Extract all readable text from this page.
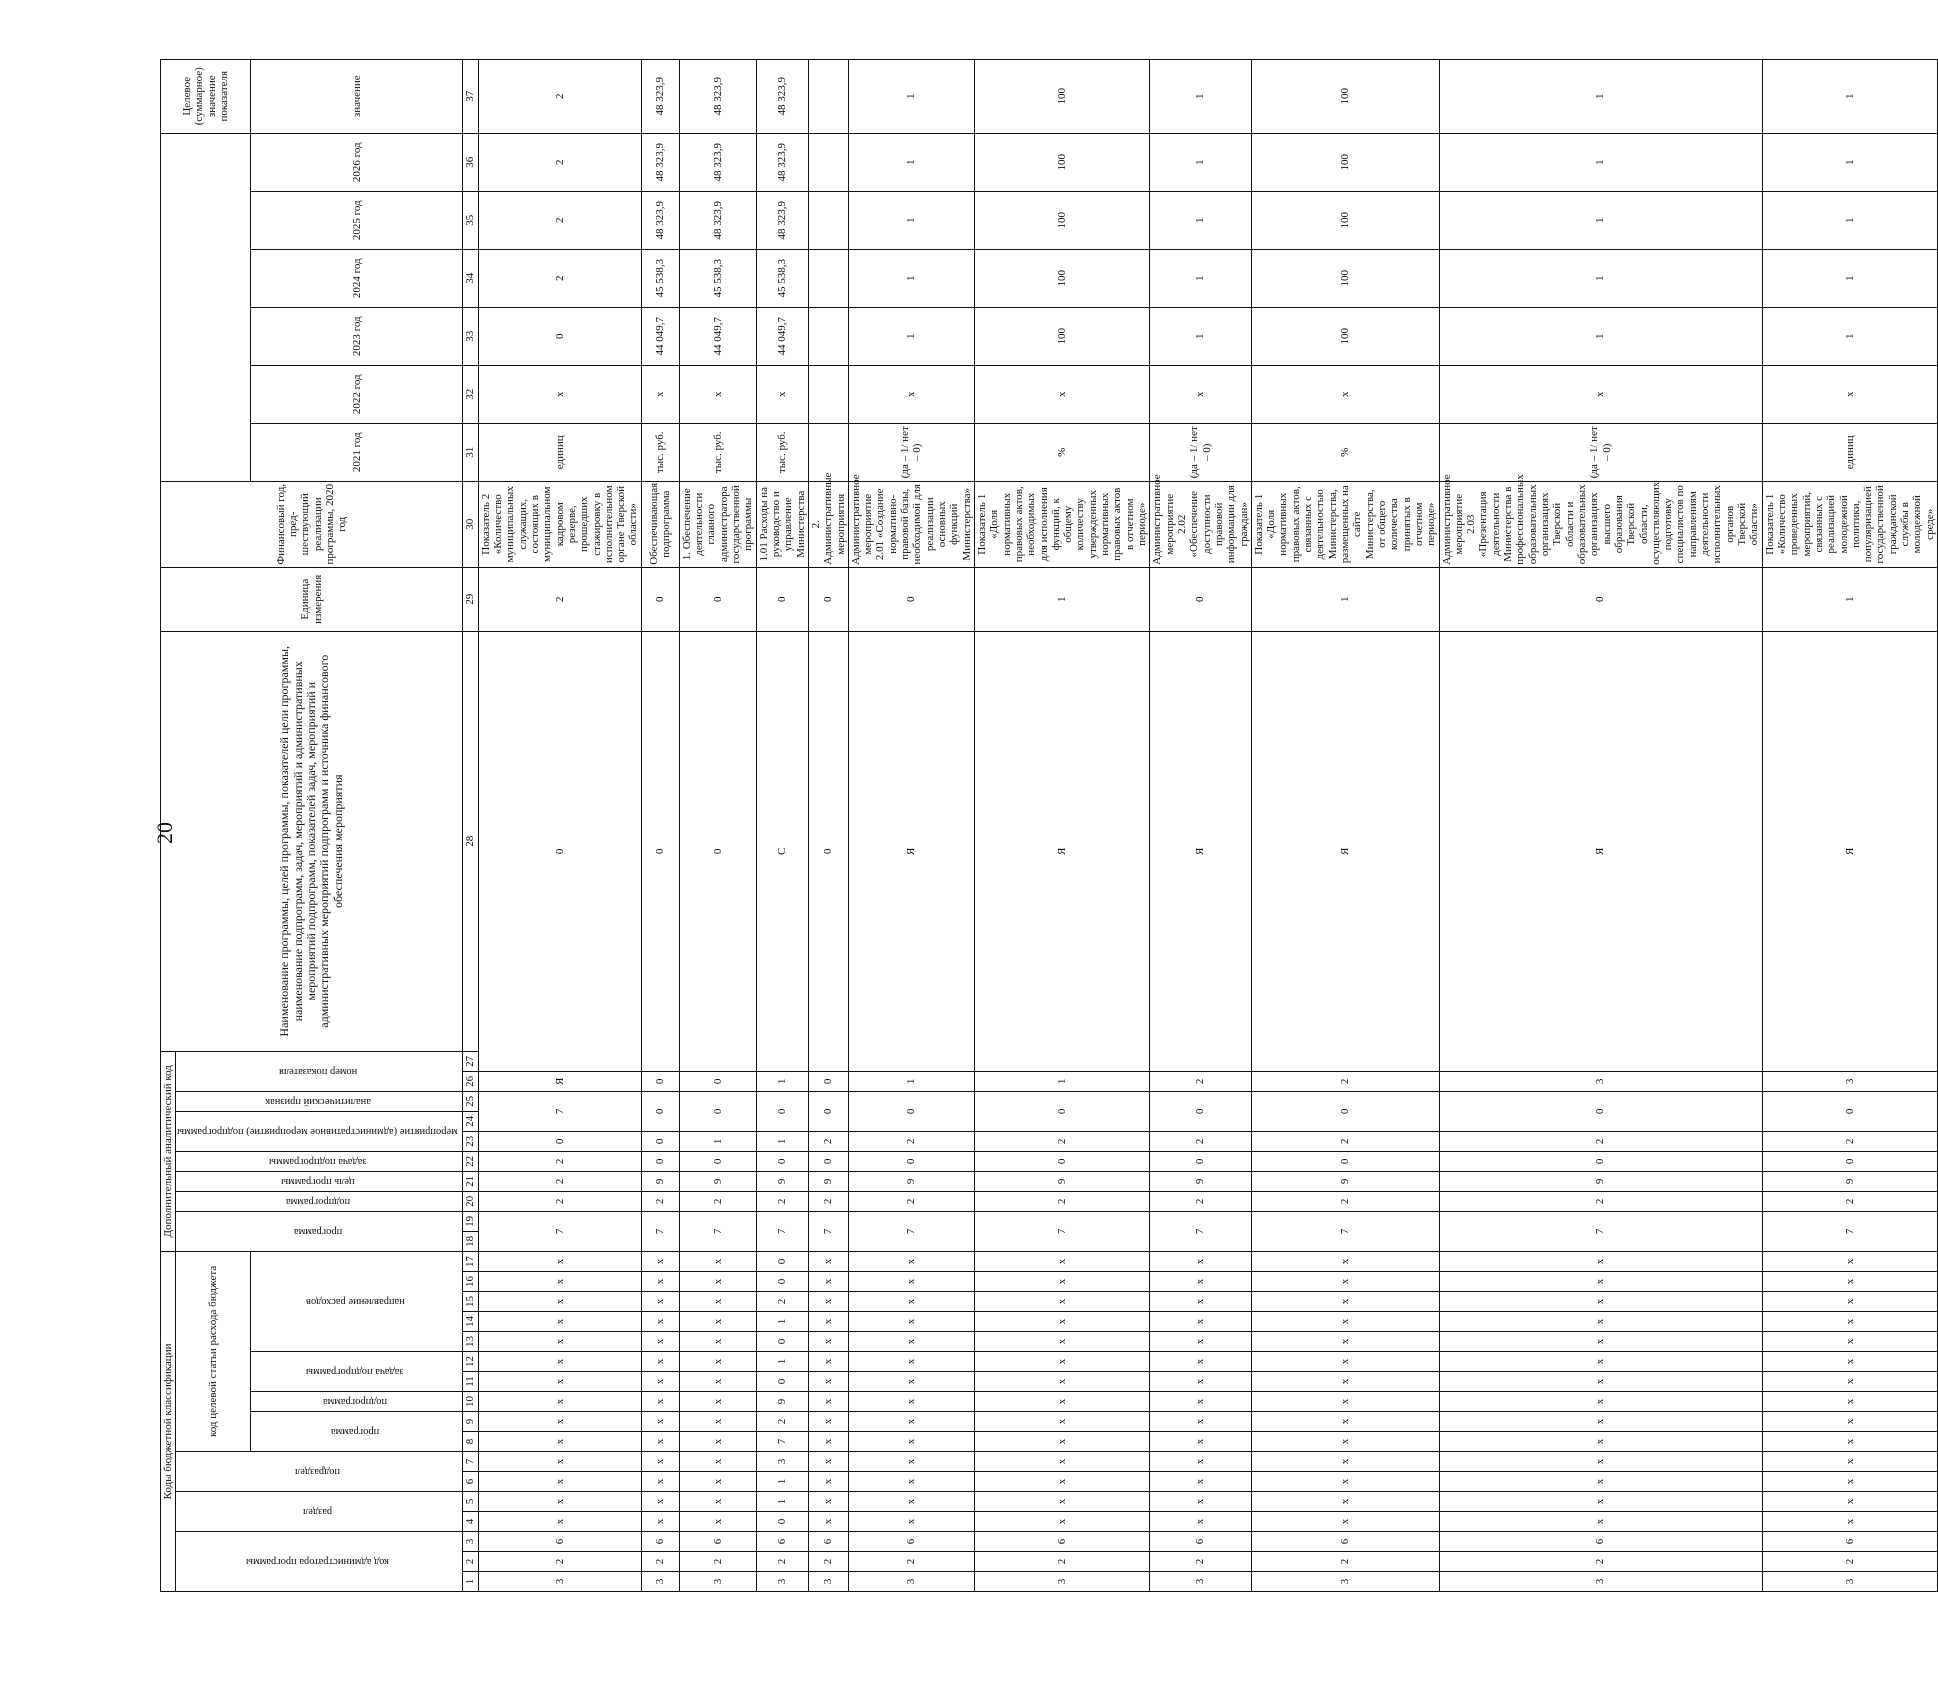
20
Коды бюджетной классификации																	Дополнительный аналитический код										Наименование программы, целей программы, показателей цели программы, наименование подпрограмм, задач, мероприятий и административных мероприятий подпрограмм, показателей задач, мероприятий и административных мероприятий подпрограмм и источника финансового обеспечения мероприятия	Единица измерения	Финансовый год, пред-шествующий реализации программы, 2020 год							Целевое (суммарное) значение показателя	
код администратора программы			раздел		подраздел		код целевой статьи расхода бюджета										программа		подпрограмма	цель программы	задача подпрограммы	мероприятие (административное мероприятие) подпрограммы		аналитический признак	номер показателя												
							программа		подпрограмма	задача подпрограммы		направление расходов																		2021 год	2022 год	2023 год	2024 год	2025 год	2026 год	значение	
1	2	3	4	5	6	7	8	9	10	11	12	13	14	15	16	17	18	19	20	21	22	23	24	25	26	27	28	29	30	31	32	33	34	35	36	37	
3	2	6	х	х	х	х	х	х	х	х	х	х	х	х	х	х	7		2	2	2	0	7		Я	0		2	Показатель 2 «Количество муниципальных служащих, состоящих в муниципальном кадровом резерве, прошедших стажировку в исполнительном органе Тверской области»	единиц	х	0	2	2	2	2		
3	2	6	х	х	х	х	х	х	х	х	х	х	х	х	х	х	7		2	9	0	0	0		0	0		0	Обеспечивающая подпрограмма	тыс. руб.	х	44 049,7	45 538,3	48 323,9	48 323,9	48 323,9		
3	2	6	х	х	х	х	х	х	х	х	х	х	х	х	х	х	7		2	9	0	1	0		0	0		0	1. Обеспечение деятельности главного администратора государственной программы	тыс. руб.	х	44 049,7	45 538,3	48 323,9	48 323,9	48 323,9		
3	2	6	0	1	1	3	7	2	9	0	1	0	1	2	0	0	7		2	9	0	1	0		1	С		0	1.01 Расходы на руководство и управление Министерства	тыс. руб.	х	44 049,7	45 538,3	48 323,9	48 323,9	48 323,9		
3	2	6	х	х	х	х	х	х	х	х	х	х	х	х	х	х	7		2	9	0	2	0		0	0		0	2. Административные мероприятия									
3	2	6	х	х	х	х	х	х	х	х	х	х	х	х	х	х	7		2	9	0	2	0		1	Я		0	Административное мероприятие 2.01 «Создание нормативно-правовой базы, необходимой для реализации основных функций Министерства»	(да – 1/ нет – 0)	х	1	1	1	1	1		
3	2	6	х	х	х	х	х	х	х	х	х	х	х	х	х	х	7		2	9	0	2	0		1	Я		1	Показатель 1 «Доля нормативных правовых актов, необходимых для исполнения функций, к общему количеству утвержденных нормативных правовых актов в отчетном периоде»	%	х	100	100	100	100	100		
3	2	6	х	х	х	х	х	х	х	х	х	х	х	х	х	х	7		2	9	0	2	0		2	Я		0	Административное мероприятие 2.02 «Обеспечение доступности правовой информации для граждан»	(да – 1/ нет – 0)	х	1	1	1	1	1		
3	2	6	х	х	х	х	х	х	х	х	х	х	х	х	х	х	7		2	9	0	2	0		2	Я		1	Показатель 1 «Доля нормативных правовых актов, связанных с деятельностью Министерства, размещенных на сайте Министерства, от общего количества принятых в отчетном периоде»	%	х	100	100	100	100	100		
3	2	6	х	х	х	х	х	х	х	х	х	х	х	х	х	х	7		2	9	0	2	0		3	Я		0	Административное мероприятие 2.03 «Презентация деятельности Министерства в профессиональных образовательных организациях Тверской области и образовательных организациях высшего образования Тверской области, осуществляющих подготовку специалистов по направлениям деятельности исполнительных органов Тверской области»	(да – 1/ нет – 0)	х	1	1	1	1	1		
3	2	6	х	х	х	х	х	х	х	х	х	х	х	х	х	х	7		2	9	0	2	0		3	Я		1	Показатель 1 «Количество проведенных мероприятий, связанных с реализацией молодежной политики, популяризацией государственной гражданской службы в молодежной среде»	единиц	х	1	1	1	1	1		
